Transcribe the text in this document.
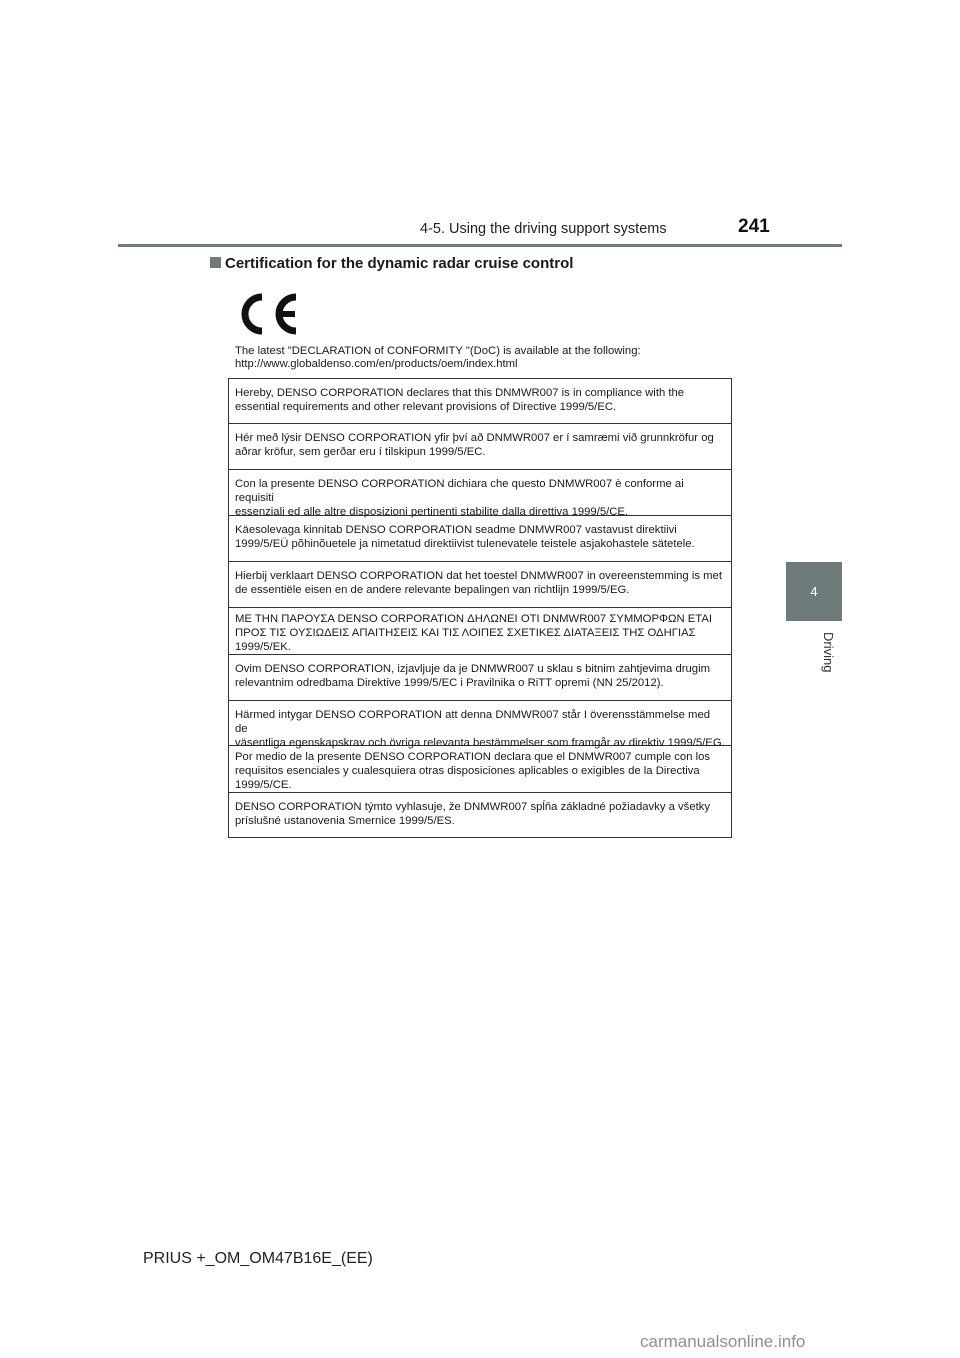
4-5. Using the driving support systems	241
4
Driving
Certification for the dynamic radar cruise control
The latest "DECLARATION of CONFORMITY "(DoC) is available at the following:
http://www.globaldenso.com/en/products/oem/index.html
Hereby, DENSO CORPORATION declares that this DNMWR007 is in compliance with the
essential requirements and other relevant provisions of Directive 1999/5/EC.
Hér með lýsir DENSO CORPORATION yfir því að DNMWR007 er í samræmi við grunnkröfur og
aðrar kröfur, sem gerðar eru í tilskipun 1999/5/EC.
Con la presente DENSO CORPORATION dichiara che questo DNMWR007 è conforme ai requisiti
essenziali ed alle altre disposizioni pertinenti stabilite dalla direttiva 1999/5/CE.
Käesolevaga kinnitab DENSO CORPORATION seadme DNMWR007 vastavust direktiivi
1999/5/EÜ põhinõuetele ja nimetatud direktiivist tulenevatele teistele asjakohastele sätetele.
Hierbij verklaart DENSO CORPORATION dat het toestel DNMWR007 in overeenstemming is met
de essentiële eisen en de andere relevante bepalingen van richtlijn 1999/5/EG.
ΜΕ ΤΗΝ ΠΑΡΟΥΣΑ DENSO CORPORATION ΔΗΛΩΝΕΙ ΟΤΙ DNMWR007 ΣΥΜΜΟΡΦΩΝ ΕΤΑΙ
ΠΡΟΣ ΤΙΣ ΟΥΣΙΩΔΕΙΣ ΑΠΑΙΤΗΣΕΙΣ ΚΑΙ ΤΙΣ ΛΟΙΠΕΣ ΣΧΕΤΙΚΕΣ ΔΙΑΤΑΞΕΙΣ ΤΗΣ ΟΔΗΓΙΑΣ
1999/5/ΕΚ.
Ovim DENSO CORPORATION, izjavljuje da je DNMWR007 u sklau s bitnim zahtjevima drugim
relevantnim odredbama Direktive 1999/5/EC i Pravilnika o RiTT opremi (NN 25/2012).
Härmed intygar DENSO CORPORATION att denna DNMWR007 står I överensstämmelse med de
väsentliga egenskapskrav och övriga relevanta bestämmelser som framgår av direktiv 1999/5/EG.
Por medio de la presente DENSO CORPORATION declara que el DNMWR007 cumple con los
requisitos esenciales y cualesquiera otras disposiciones aplicables o exigibles de la Directiva
1999/5/CE.
DENSO CORPORATION týmto vyhlasuje, že DNMWR007 spĺňa základné požiadavky a všetky
príslušné ustanovenia Smernice 1999/5/ES.
PRIUS +_OM_OM47B16E_(EE)
carmanualsonline.info
